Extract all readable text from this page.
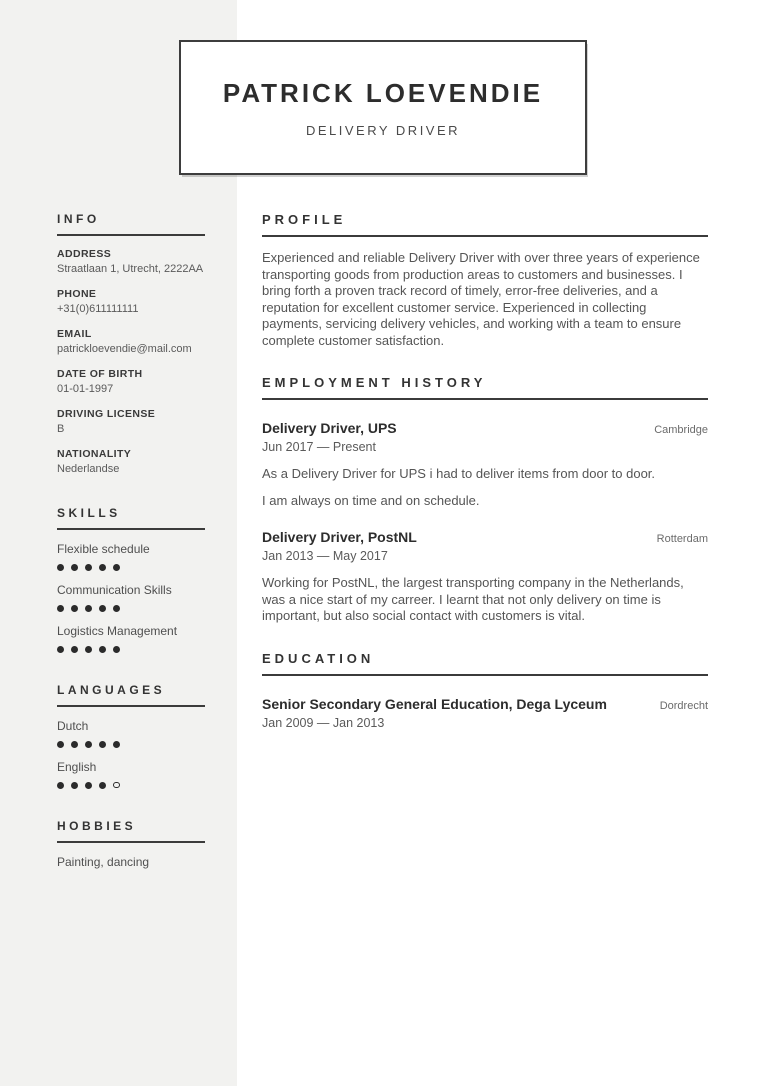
PATRICK LOEVENDIE
DELIVERY DRIVER
INFO
ADDRESS
Straatlaan 1, Utrecht, 2222AA
PHONE
+31(0)611111111
EMAIL
patrickloevendie@mail.com
DATE OF BIRTH
01-01-1997
DRIVING LICENSE
B
NATIONALITY
Nederlandse
SKILLS
Flexible schedule
Communication Skills
Logistics Management
LANGUAGES
Dutch
English
HOBBIES
Painting, dancing
PROFILE

Experienced and reliable Delivery Driver with over three years of experience transporting goods from production areas to customers and businesses. I bring forth a proven track record of timely, error-free deliveries, and a reputation for excellent customer service. Experienced in collecting payments, servicing delivery vehicles, and working with a team to ensure complete customer satisfaction.

EMPLOYMENT HISTORY
Delivery Driver, UPS	Cambridge
Jun 2017 — Present

As a Delivery Driver for UPS i had to deliver items from door to door.

I am always on time and on schedule.

Delivery Driver, PostNL	Rotterdam
Jan 2013 — May 2017

Working for PostNL, the largest transporting company in the Netherlands, was a nice start of my carreer. I learnt that not only delivery on time is important, but also social contact with customers is vital.

EDUCATION
Senior Secondary General Education, Dega Lyceum	Dordrecht
Jan 2009 — Jan 2013
